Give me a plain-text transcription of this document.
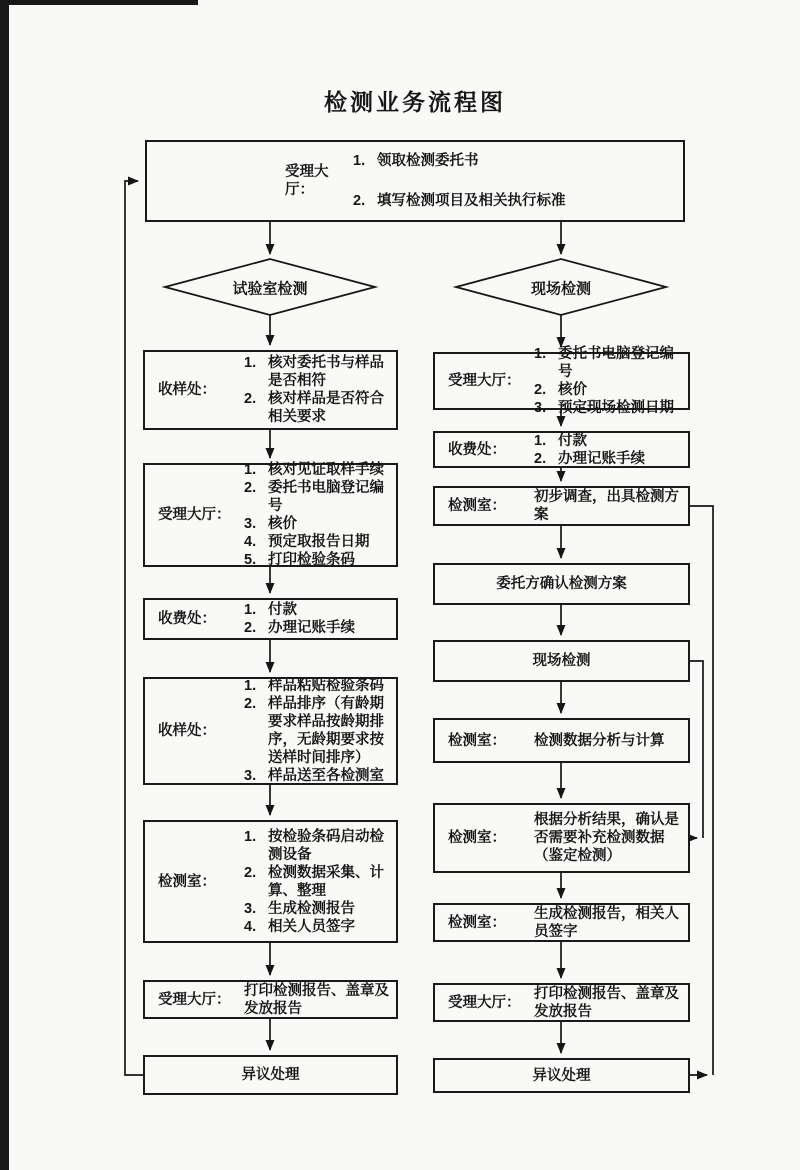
检测业务流程图
受理大厅：
1. 领取检测委托书
2. 填写检测项目及相关执行标准
试验室检测	现场检测
收样处：
1. 核对委托书与样品是否相符
2. 核对样品是否符合相关要求
受理大厅：
1. 核对见证取样手续
2. 委托书电脑登记编号
3. 核价
4. 预定取报告日期
5. 打印检验条码
收费处：
1. 付款
2. 办理记账手续
收样处：
1. 样品粘贴检验条码
2. 样品排序（有龄期要求样品按龄期排序，无龄期要求按送样时间排序）
3. 样品送至各检测室
检测室：
1. 按检验条码启动检测设备
2. 检测数据采集、计算、整理
3. 生成检测报告
4. 相关人员签字
受理大厅：
打印检测报告、盖章及发放报告
异议处理
受理大厅：
1. 委托书电脑登记编号
2. 核价
3. 预定现场检测日期
收费处：
1. 付款
2. 办理记账手续
检测室：
初步调查，出具检测方案
委托方确认检测方案
现场检测
检测室：	检测数据分析与计算
检测室：
根据分析结果，确认是否需要补充检测数据（鉴定检测）
检测室：
生成检测报告，相关人员签字
受理大厅：
打印检测报告、盖章及发放报告
异议处理
